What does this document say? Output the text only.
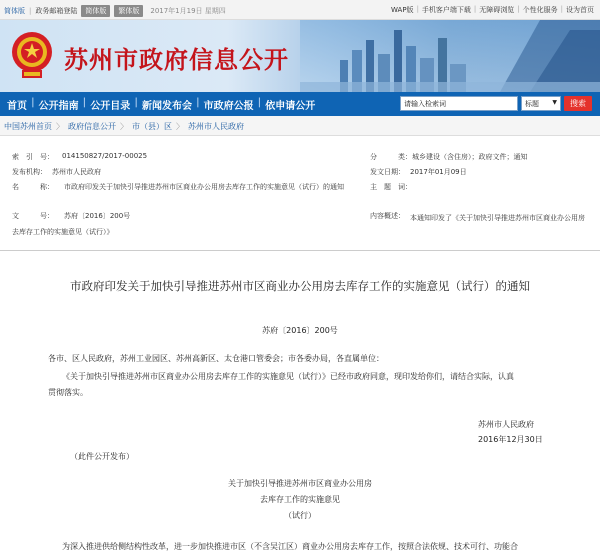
简体版 | 政务邮箱登陆	简体版	繁体版	2017年1月19日 星期四	WAP版 | 手机客户端下载 | 无障碍浏览 | 个性化服务 | 设为首页
苏州市政府信息公开
首页 | 公开指南 | 公开目录 | 新闻发布会 | 市政府公报 | 依申请公开	请输入检索词	标题 ▼	搜索
中国苏州首页 〉 政府信息公开 〉 市（县）区 〉 苏州市人民政府
索　引　号： 014150827/2017-00025	分　　　类： 城乡建设（含住房）；政府文件；通知
发布机构： 苏州市人民政府	发文日期： 2017年01月09日
名　　　称： 市政府印发关于加快引导推进苏州市区商业办公用房去库存工作的实施意见（试行）的通知	主　题　词：
文　　　号： 苏府〔2016〕200号	内容概述： 本通知印发了《关于加快引导推进苏州市区商业办公用房去库存工作的实施意见（试行）》
市政府印发关于加快引导推进苏州市区商业办公用房去库存工作的实施意见（试行）的通知
苏府〔2016〕200号
各市、区人民政府，苏州工业园区、苏州高新区、太仓港口管委会；市各委办局，各直属单位：
《关于加快引导推进苏州市区商业办公用房去库存工作的实施意见（试行）》已经市政府同意，现印发给你们，请结合实际，认真
贯彻落实。
苏州市人民政府
2016年12月30日
（此件公开发布）
关于加快引导推进苏州市区商业办公用房
去库存工作的实施意见
（试行）
为深入推进供给侧结构性改革，进一步加快推进市区（不含吴江区）商业办公用房去库存工作，按照合法依规、技术可行、功能合
